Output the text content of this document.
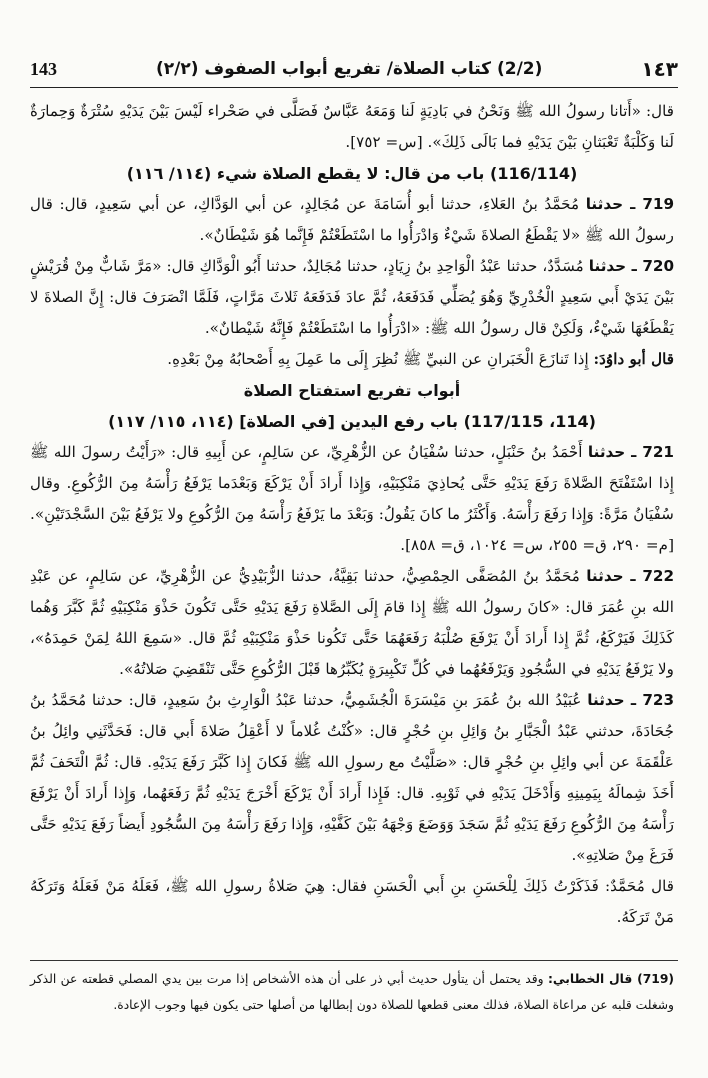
143	(2/2) كتاب الصلاة/ تفريع أبواب الصفوف (٢/٢)	١٤٣

قال: «أَتانا رسولُ الله ﷺ وَنَحْنُ في بَادِيَةٍ لَنا وَمَعَهُ عَبَّاسٌ فَصَلَّى في صَحْراء لَيْسَ بَيْنَ يَدَيْهِ سُتْرَةٌ وَحِمارَةٌ لَنا وَكَلْبَةٌ تَعْبَثانِ بَيْنَ يَدَيْهِ فما بَالَى ذَلِكَ». [س= ٧٥٢].

(116/114) باب من قال: لا يقطع الصلاة شيء (١١٤/ ١١٦)

719 ـ حدثنا مُحَمَّدُ بنُ العَلاءِ، حدثنا أبو أُسَامَةَ عن مُجَالِدٍ، عن أبي الوَدَّاكِ، عن أبي سَعِيدٍ، قال: قال رسولُ الله ﷺ «لا يَقْطَعُ الصلاةَ شَيْءٌ وَادْرَأُوا ما اسْتَطَعْتُمْ فَإِنَّما هُوَ شَيْطَانٌ».

720 ـ حدثنا مُسَدَّدٌ، حدثنا عَبْدُ الْوَاحِدِ بنُ زِيَادٍ، حدثنا مُجَالِدٌ، حدثنا أَبُو الْوَدَّاكِ قال: «مَرَّ شَابٌّ مِنْ قُرَيْشٍ بَيْنَ يَدَيْ أَبي سَعِيدٍ الْخُدْرِيِّ وَهُوَ يُصَلِّي فَدَفَعَهُ، ثُمَّ عادَ فَدَفَعَهُ ثَلاثَ مَرَّاتٍ، فَلَمَّا انْصَرَفَ قال: إِنَّ الصلاةَ لا يَقْطَعُهَا شَيْءٌ، وَلَكِنْ قال رسولُ الله ﷺ: «ادْرَأُوا ما اسْتَطَعْتُمْ فَإِنَّهُ شَيْطانٌ».

قال أبو داوُدَ: إِذا تَنازَعَ الْخَبَرانِ عن النبيِّ ﷺ نُظِرَ إِلَى ما عَمِلَ بِهِ أَصْحابُهُ مِنْ بَعْدِهِ.

أبواب تفريع استفتاح الصلاة
(114، 117/115) باب رفع اليدين [في الصلاة] (١١٤، ١١٥/ ١١٧)

721 ـ حدثنا أَحْمَدُ بنُ حَنْبَلٍ، حدثنا سُفْيَانُ عن الزُّهْرِيِّ، عن سَالِمٍ، عن أَبِيهِ قال: «رَأَيْتُ رسولَ الله ﷺ إِذا اسْتَفْتَحَ الصَّلاةَ رَفَعَ يَدَيْهِ حَتَّى يُحاذِيَ مَنْكِبَيْهِ، وَإِذا أَرادَ أَنْ يَرْكَعَ وَبَعْدَما يَرْفَعُ رَأْسَهُ مِنَ الرُّكُوعِ. وقال سُفْيَانُ مَرَّةً: وَإِذا رَفَعَ رَأْسَهُ. وَأَكْثَرُ ما كانَ يَقُولُ: وَبَعْدَ ما يَرْفَعُ رَأْسَهُ مِنَ الرُّكُوعِ ولا يَرْفَعُ بَيْنَ السَّجْدَتَيْنِ». [م= ٢٩٠، ق= ٢٥٥، س= ١٠٢٤، ق= ٨٥٨].

722 ـ حدثنا مُحَمَّدُ بنُ المُصَفَّى الحِمْصِيُّ، حدثنا بَقِيَّةُ، حدثنا الزُّبَيْدِيُّ عن الزُّهْرِيِّ، عن سَالِمٍ، عن عَبْدِ الله بنِ عُمَرَ قال: «كانَ رسولُ الله ﷺ إِذا قامَ إِلَى الصَّلاةِ رَفَعَ يَدَيْهِ حَتَّى تَكُونَ حَذْوَ مَنْكِبَيْهِ ثُمَّ كَبَّرَ وَهُما كَذَلِكَ فَيَرْكَعُ، ثُمَّ إِذا أَرادَ أَنْ يَرْفَعَ صُلْبَهُ رَفَعَهُمَا حَتَّى تَكُونا حَذْوَ مَنْكِبَيْهِ ثُمَّ قال. «سَمِعَ اللهُ لِمَنْ حَمِدَهُ»، ولا يَرْفَعُ يَدَيْهِ في السُّجُودِ وَيَرْفَعُهُما في كُلِّ تَكْبِيرَةٍ يُكَبِّرُها قَبْلَ الرُّكُوعِ حَتَّى تَنْقَضِيَ صَلاتُهُ».

723 ـ حدثنا عُبَيْدُ الله بنُ عُمَرَ بنِ مَيْسَرَةَ الْجُشَمِيُّ، حدثنا عَبْدُ الْوَارِثِ بنُ سَعِيدٍ، قال: حدثنا مُحَمَّدُ بنُ جُحَادَةَ، حدثني عَبْدُ الْجَبَّارِ بنُ وَائِلِ بنِ حُجْرٍ قال: «كُنْتُ غُلاماً لا أَعْقِلُ صَلاةَ أَبي قال: فَحَدَّثَنِي وائِلُ بنُ عَلْقَمَةَ عن أبي وائِلِ بنِ حُجْرٍ قال: «صَلَّيْتُ مع رسولِ الله ﷺ فَكانَ إِذا كَبَّرَ رَفَعَ يَدَيْهِ. قال: ثُمَّ الْتَحَفَ ثُمَّ أَخَذَ شِمالَهُ بِيَمِينِهِ وَأَدْخَلَ يَدَيْهِ في ثَوْبِهِ. قال: فَإِذا أَرادَ أَنْ يَرْكَعَ أَخْرَجَ يَدَيْهِ ثُمَّ رَفَعَهُما، وَإِذا أَرادَ أَنْ يَرْفَعَ رَأْسَهُ مِنَ الرُّكُوعِ رَفَعَ يَدَيْهِ ثُمَّ سَجَدَ وَوَضَعَ وَجْهَهُ بَيْنَ كَفَّيْهِ، وَإِذا رَفَعَ رَأْسَهُ مِنَ السُّجُودِ أَيضاً رَفَعَ يَدَيْهِ حَتَّى فَرَغَ مِنْ صَلاتِهِ».

قال مُحَمَّدٌ: فَذَكَرْتُ ذَلِكَ لِلْحَسَنِ بنِ أَبي الْحَسَنِ فقال: هِيَ صَلاةُ رسولِ الله ﷺ، فَعَلَهُ مَنْ فَعَلَهُ وَتَرَكَهُ مَنْ تَرَكَهُ.

(719) قال الخطابي: وقد يحتمل أن يتأول حديث أبي ذر على أن هذه الأشخاص إذا مرت بين يدي المصلي قطعته عن الذكر وشغلت قلبه عن مراعاة الصلاة، فذلك معنى قطعها للصلاة دون إبطالها من أصلها حتى يكون فيها وجوب الإعادة.
